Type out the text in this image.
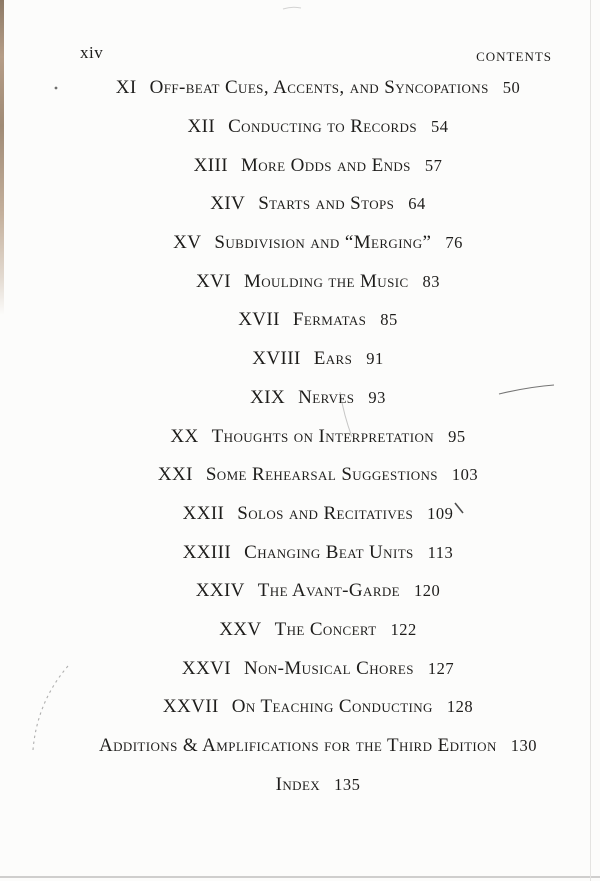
xiv	CONTENTS
XI Off-beat Cues, Accents, and Syncopations 50
XII Conducting to Records 54
XIII More Odds and Ends 57
XIV Starts and Stops 64
XV Subdivision and “Merging” 76
XVI Moulding the Music 83
XVII Fermatas 85
XVIII Ears 91
XIX Nerves 93
XX Thoughts on Interpretation 95
XXI Some Rehearsal Suggestions 103
XXII Solos and Recitatives 109
XXIII Changing Beat Units 113
XXIV The Avant-Garde 120
XXV The Concert 122
XXVI Non-Musical Chores 127
XXVII On Teaching Conducting 128
Additions & Amplifications for the Third Edition 130
Index 135
